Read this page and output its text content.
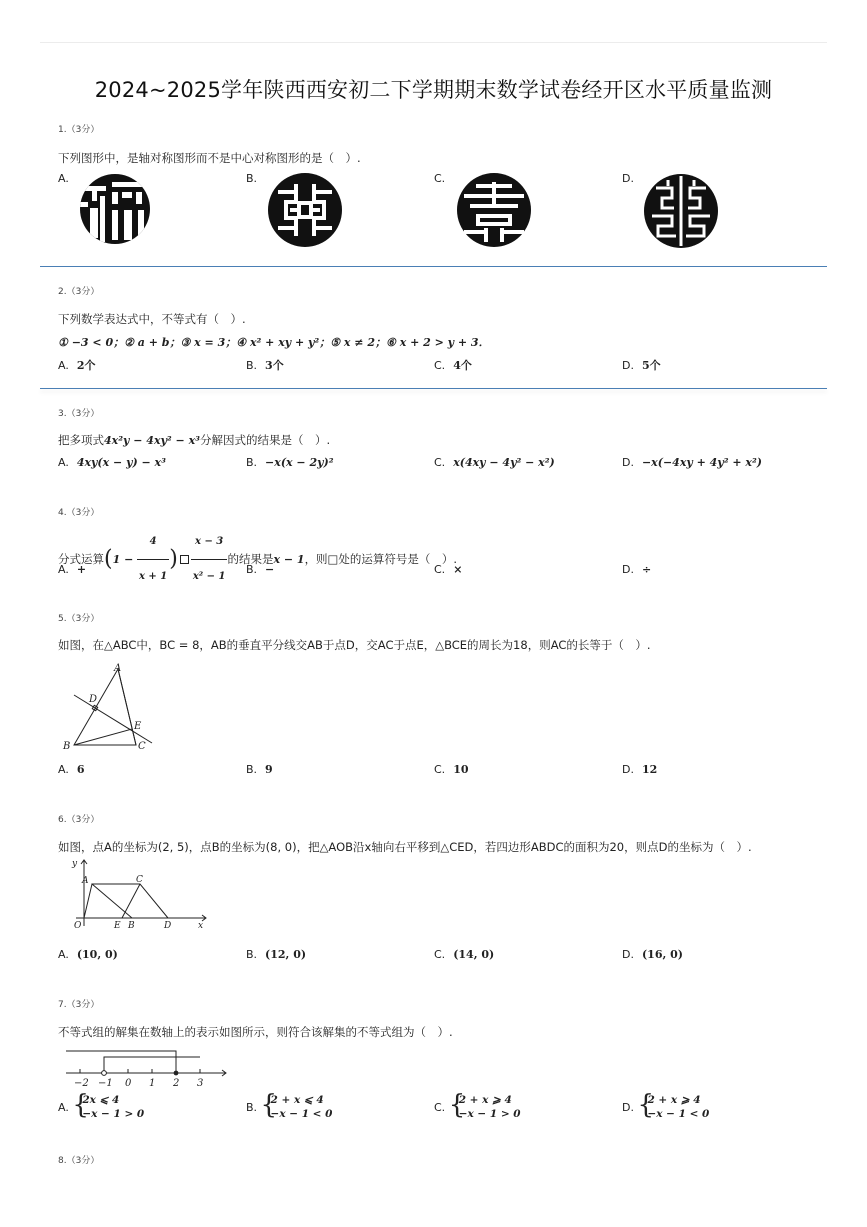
2024~2025学年陕西西安初二下学期期末数学试卷经开区水平质量监测
1.（3分）
下列图形中，是轴对称图形而不是中心对称图形的是（　）.
A.	B.	C.	D.
2.（3分）
下列数学表达式中，不等式有（　）.
① −3 < 0；② a + b；③ x = 3；④ x² + xy + y²；⑤ x ≠ 2；⑥ x + 2 > y + 3．
A. 2个	B. 3个	C. 4个	D. 5个
3.（3分）
把多项式4x²y − 4xy² − x³分解因式的结果是（　）.
A. 4xy(x − y) − x³	B. −x(x − 2y)²	C. x(4xy − 4y² − x²)	D. −x(−4xy + 4y² + x²)
4.（3分）
分式运算($1 - \frac{4}{x + 1}$ ) $\frac{x - 3}{\text{x² − 1}}$ 的结果是x − 1，则□处的运算符号是（　）.
A. +	B. −	C. ×	D. ÷
5.（3分）
如图，在△ABC中，BC = 8，AB的垂直平分线交AB于点D，交AC于点E，△BCE的周长为18，则AC的长等于（　）.
A
D
E
B	C
A. 6	B. 9	C. 10	D. 12
6.（3分）
如图，点A的坐标为(2, 5)，点B的坐标为(8, 0)，把△AOB沿x轴向右平移到△CED，若四边形ABDC的面积为20，则点D的坐标为（　）.
y
A	C
O	E B	D	x
A. (10, 0)	B. (12, 0)	C. (14, 0)	D. (16, 0)
7.（3分）
不等式组的解集在数轴上的表示如图所示，则符合该解集的不等式组为（　）.
−2 −1 0 1 2 3
A. {
2x ⩽ 4
−x − 1 > 0
B. {
2 + x ⩽ 4
−x − 1 < 0
C. {
2 + x ⩾ 4
−x − 1 > 0
D. {
2 + x ⩾ 4
−x − 1 < 0
8.（3分）
